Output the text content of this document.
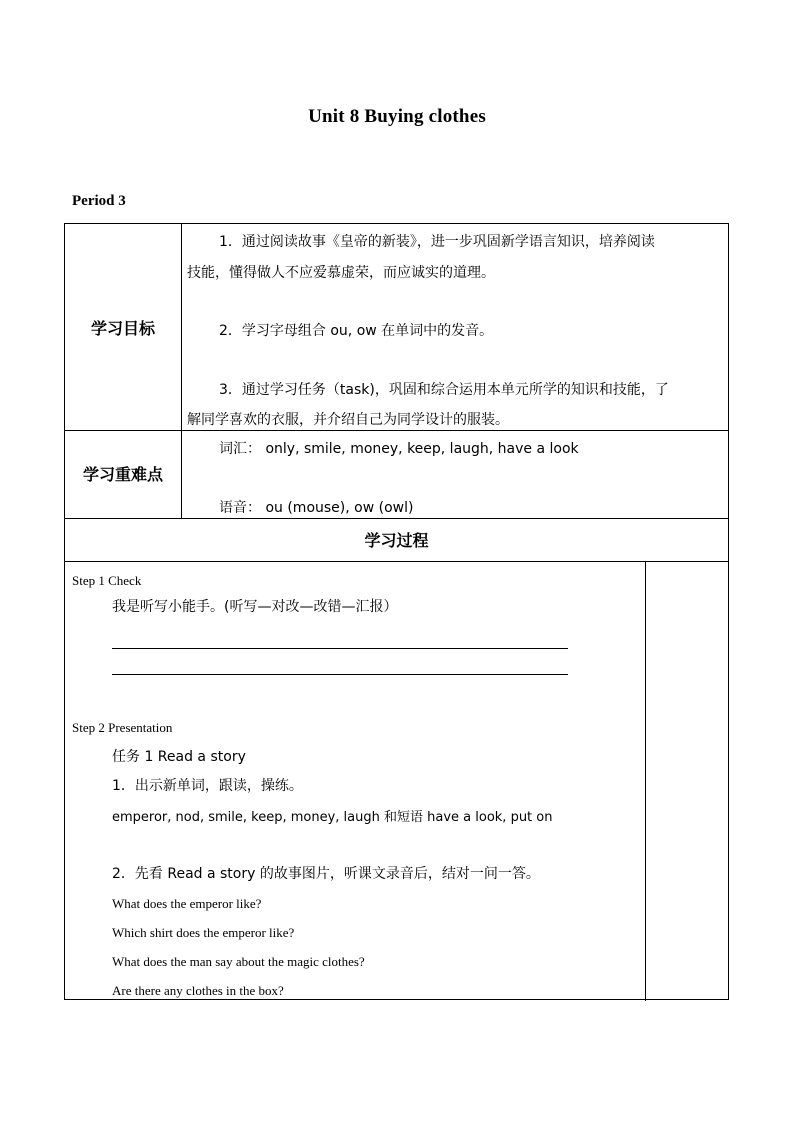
Unit 8 Buying clothes
Period 3
学习目标
1．通过阅读故事《皇帝的新装》，进一步巩固新学语言知识，培养阅读
技能，懂得做人不应爱慕虚荣，而应诚实的道理。
2．学习字母组合 ou, ow 在单词中的发音。
3．通过学习任务（task)，巩固和综合运用本单元所学的知识和技能，了
解同学喜欢的衣服，并介绍自己为同学设计的服装。
学习重难点
词汇： only, smile, money, keep, laugh, have a look
语音： ou (mouse), ow (owl)
学习过程
Step 1 Check
我是听写小能手。(听写—对改—改错—汇报）
Step 2 Presentation
任务 1 Read a story
1．出示新单词，跟读，操练。
emperor, nod, smile, keep, money, laugh 和短语 have a look, put on
2．先看 Read a story 的故事图片，听课文录音后，结对一问一答。
What does the emperor like?
Which shirt does the emperor like?
What does the man say about the magic clothes?
Are there any clothes in the box?
